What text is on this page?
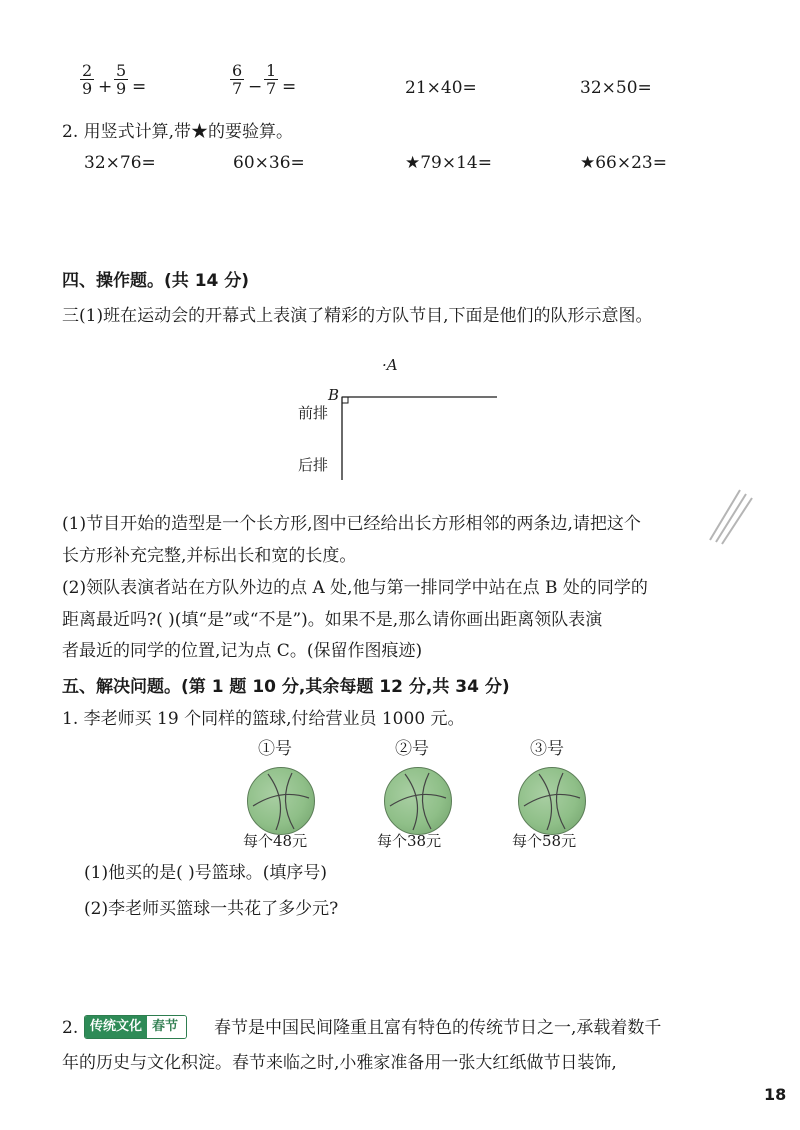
$\frac{2}{9} + \frac{5}{9}$ =	$\frac{6}{7} - \frac{1}{7}$ =	21×40=	32×50=
2. 用竖式计算,带★的要验算。
32×76=	60×36=	★79×14=	★66×23=
四、操作题。(共 14 分)
三(1)班在运动会的开幕式上表演了精彩的方队节目,下面是他们的队形示意图。
·A
B
前排
后排
(1)节目开始的造型是一个长方形,图中已经给出长方形相邻的两条边,请把这个
长方形补充完整,并标出长和宽的长度。
(2)领队表演者站在方队外边的点 A 处,他与第一排同学中站在点 B 处的同学的
距离最近吗?( )(填“是”或“不是”)。如果不是,那么请你画出距离领队表演
者最近的同学的位置,记为点 C。(保留作图痕迹)
五、解决问题。(第 1 题 10 分,其余每题 12 分,共 34 分)
1. 李老师买 19 个同样的篮球,付给营业员 1000 元。
①号
每个48元
②号
每个38元
③号
每个58元
(1)他买的是( )号篮球。(填序号)
(2)李老师买篮球一共花了多少元?
2. 传统文化 春节	春节是中国民间隆重且富有特色的传统节日之一,承载着数千
年的历史与文化积淀。春节来临之时,小雅家准备用一张大红纸做节日装饰,
18
